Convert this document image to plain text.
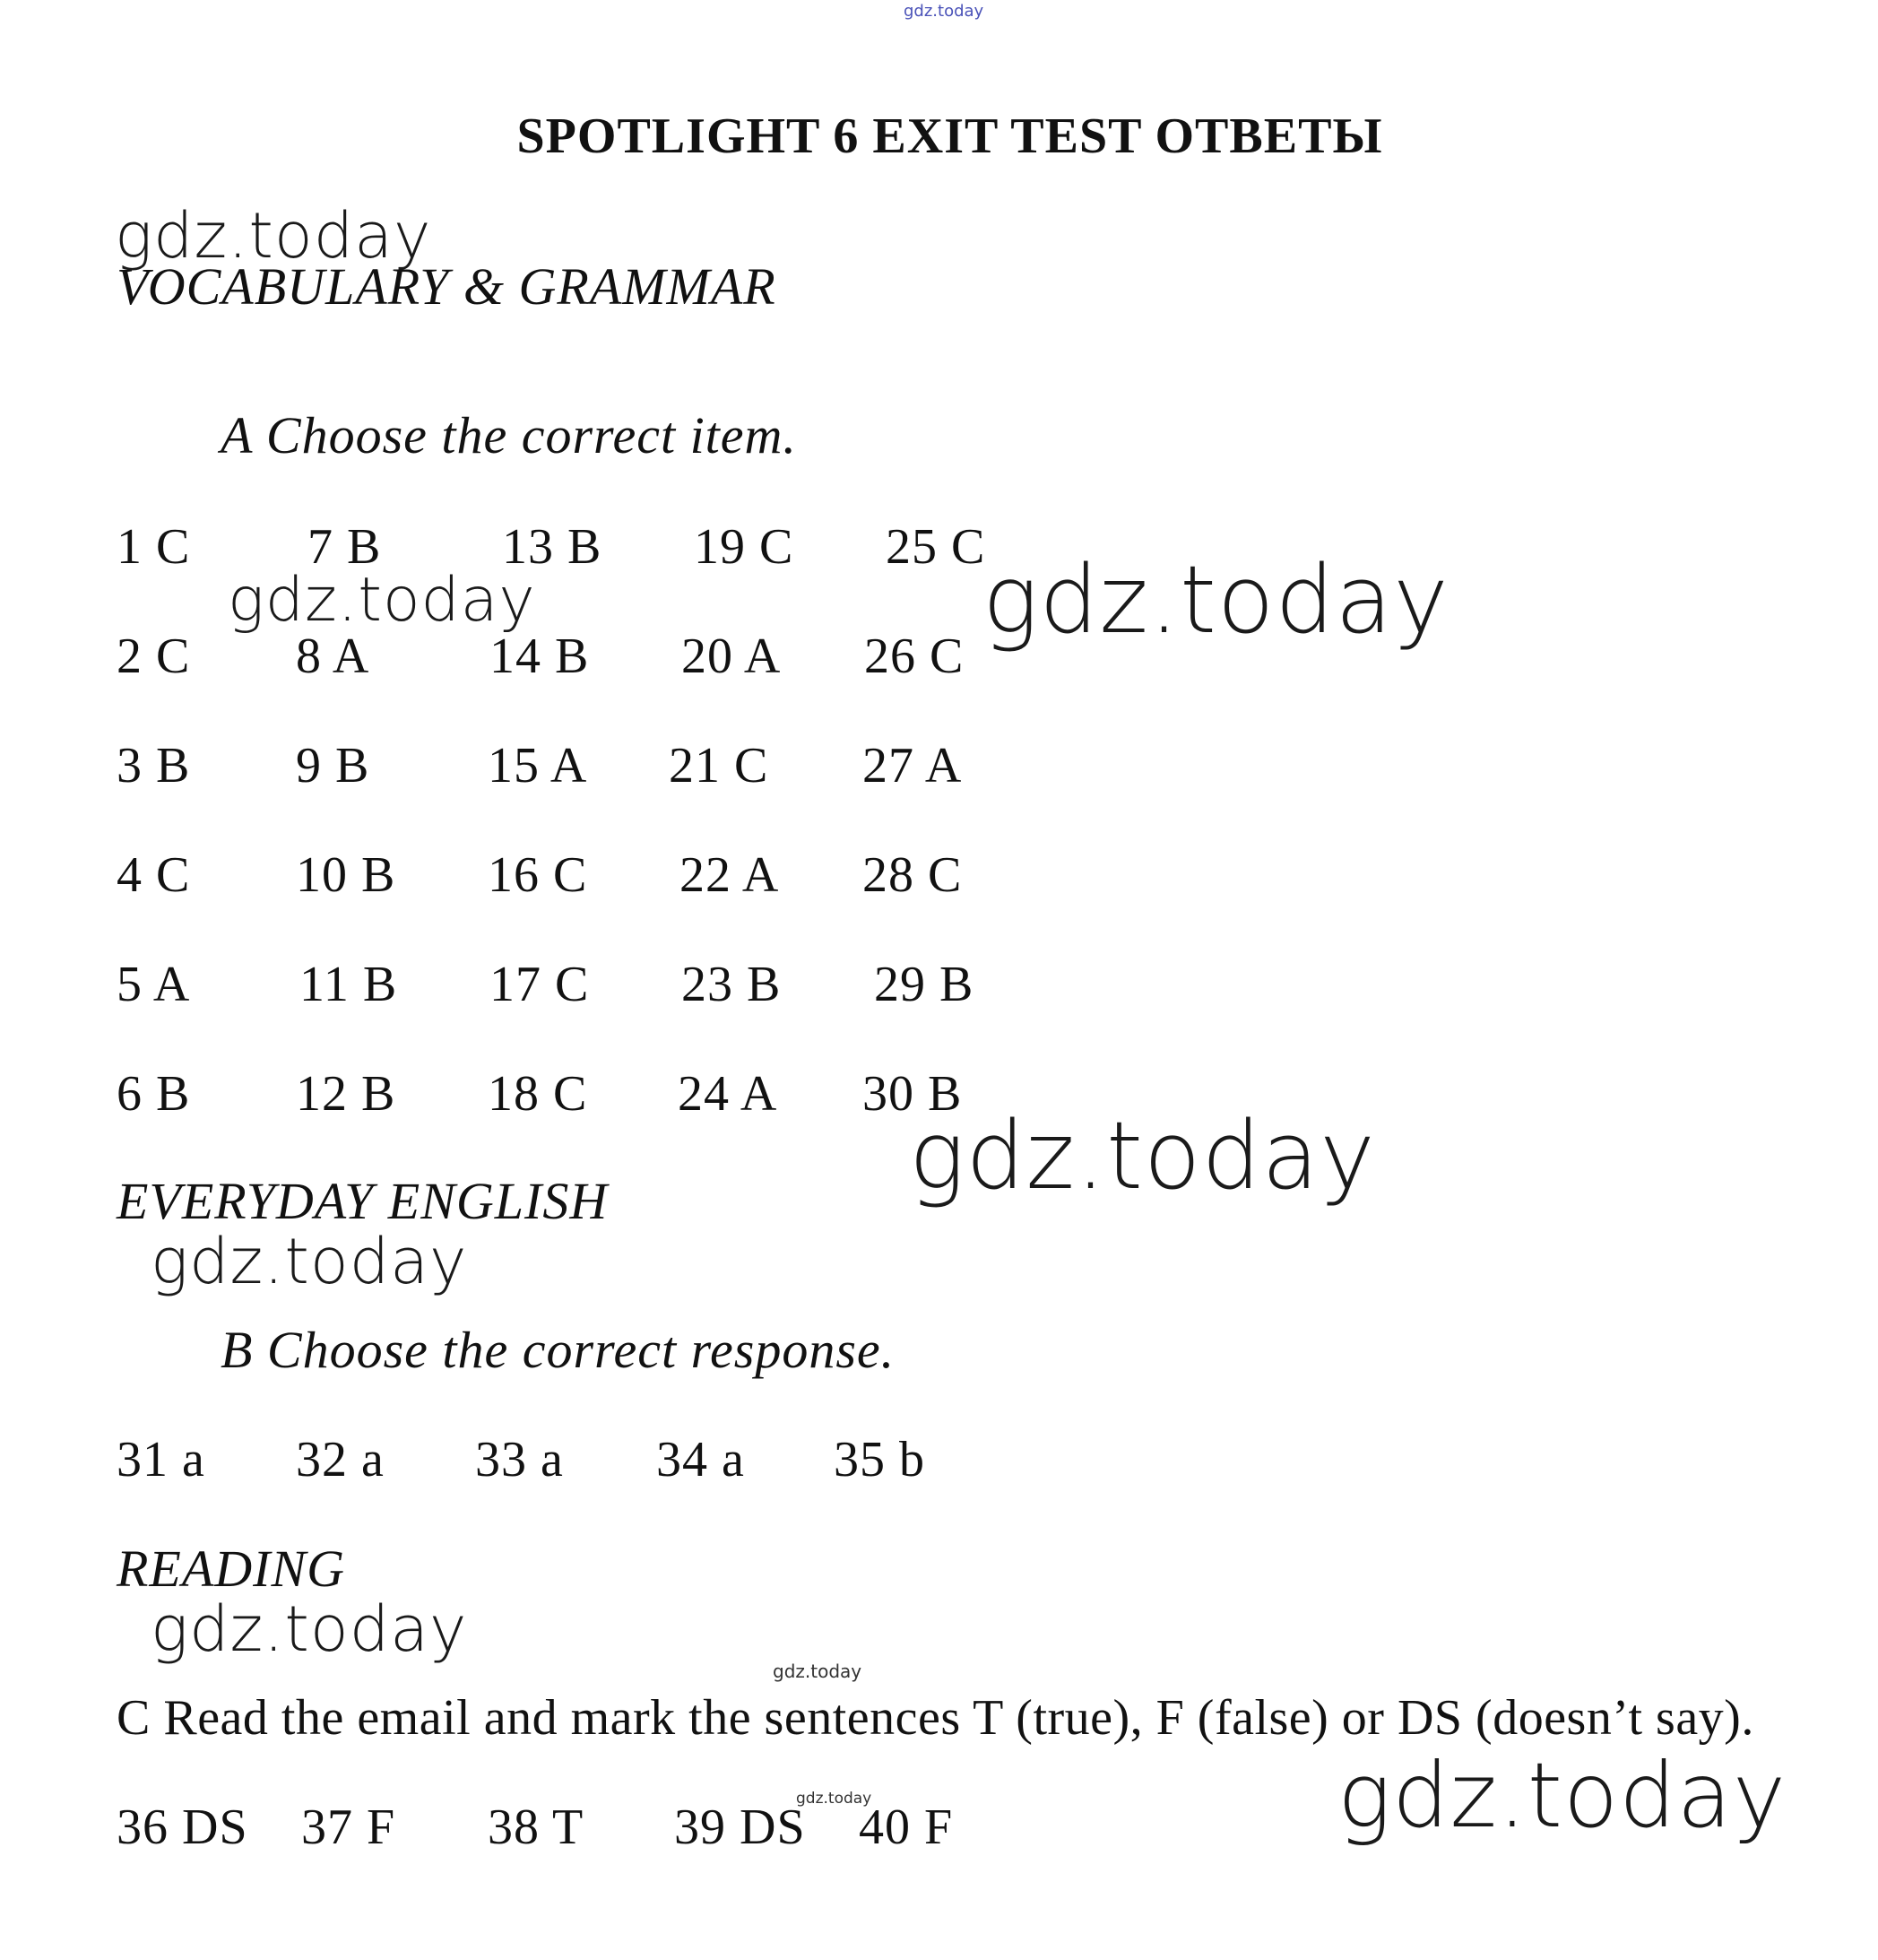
gdz.today
SPOTLIGHT 6 EXIT TEST ОТВЕТЫ
gdz.today
VOCABULARY & GRAMMAR
A Choose the correct item.
1 C 7 B 13 B 19 C 25 C
2 C 8 A 14 B 20 A 26 C
3 B 9 B 15 A 21 C 27 A
4 C 10 B 16 C 22 A 28 C
5 A 11 B 17 C 23 B 29 B
6 B 12 B 18 C 24 A 30 B
gdz.today	gdz.today
gdz.today
EVERYDAY ENGLISH
gdz.today
B Choose the correct response.
31 a 32 a 33 a 34 a 35 b
READING
gdz.today
gdz.today
C Read the email and mark the sentences T (true), F (false) or DS (doesn’t say).
gdz.today
gdz.today
36 DS 37 F 38 T 39 DS 40 F
